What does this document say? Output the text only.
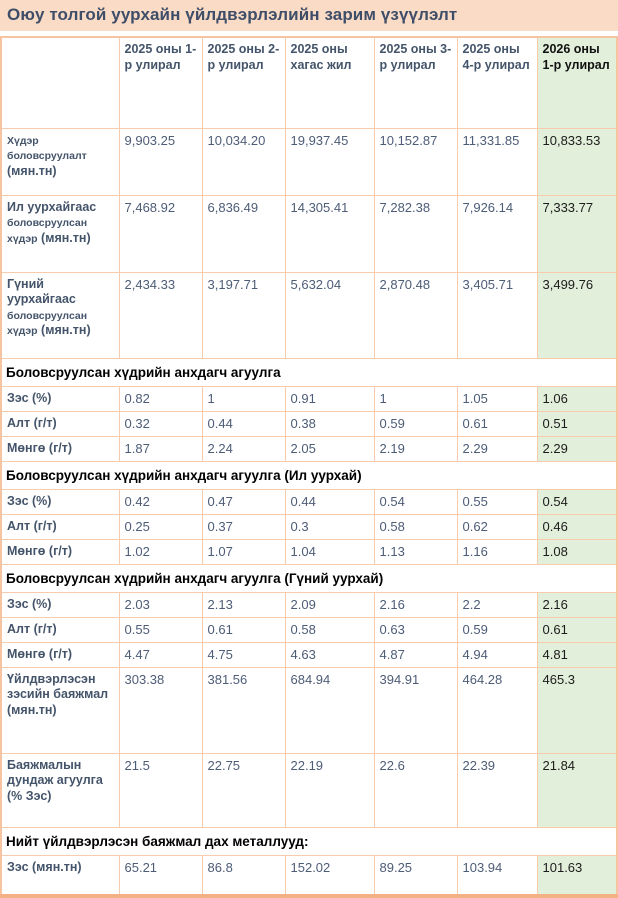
Оюу толгой уурхайн үйлдвэрлэлийн зарим үзүүлэлт
	2025 оны 1-р улирал	2025 оны 2-р улирал	2025 оны хагас жил	2025 оны 3-р улирал	2025 оны 4-р улирал	2026 оны 1-р улирал
Хүдэр боловсруулалт (мян.тн)	9,903.25	10,034.20	19,937.45	10,152.87	11,331.85	10,833.53
Ил уурхайгаас боловсруулсан хүдэр (мян.тн)	7,468.92	6,836.49	14,305.41	7,282.38	7,926.14	7,333.77
Гүний уурхайгаас боловсруулсан хүдэр (мян.тн)	2,434.33	3,197.71	5,632.04	2,870.48	3,405.71	3,499.76
Боловсруулсан хүдрийн анхдагч агуулга						
Зэс (%)	0.82	1	0.91	1	1.05	1.06
Алт (г/т)	0.32	0.44	0.38	0.59	0.61	0.51
Мөнгө (г/т)	1.87	2.24	2.05	2.19	2.29	2.29
Боловсруулсан хүдрийн анхдагч агуулга (Ил уурхай)						
Зэс (%)	0.42	0.47	0.44	0.54	0.55	0.54
Алт (г/т)	0.25	0.37	0.3	0.58	0.62	0.46
Мөнгө (г/т)	1.02	1.07	1.04	1.13	1.16	1.08
Боловсруулсан хүдрийн анхдагч агуулга (Гүний уурхай)						
Зэс (%)	2.03	2.13	2.09	2.16	2.2	2.16
Алт (г/т)	0.55	0.61	0.58	0.63	0.59	0.61
Мөнгө (г/т)	4.47	4.75	4.63	4.87	4.94	4.81
Үйлдвэрлэсэн зэсийн баяжмал (мян.тн)	303.38	381.56	684.94	394.91	464.28	465.3
Баяжмалын дундаж агуулга (% Зэс)	21.5	22.75	22.19	22.6	22.39	21.84
Нийт үйлдвэрлэсэн баяжмал дах металлууд:						
Зэс (мян.тн)	65.21	86.8	152.02	89.25	103.94	101.63
